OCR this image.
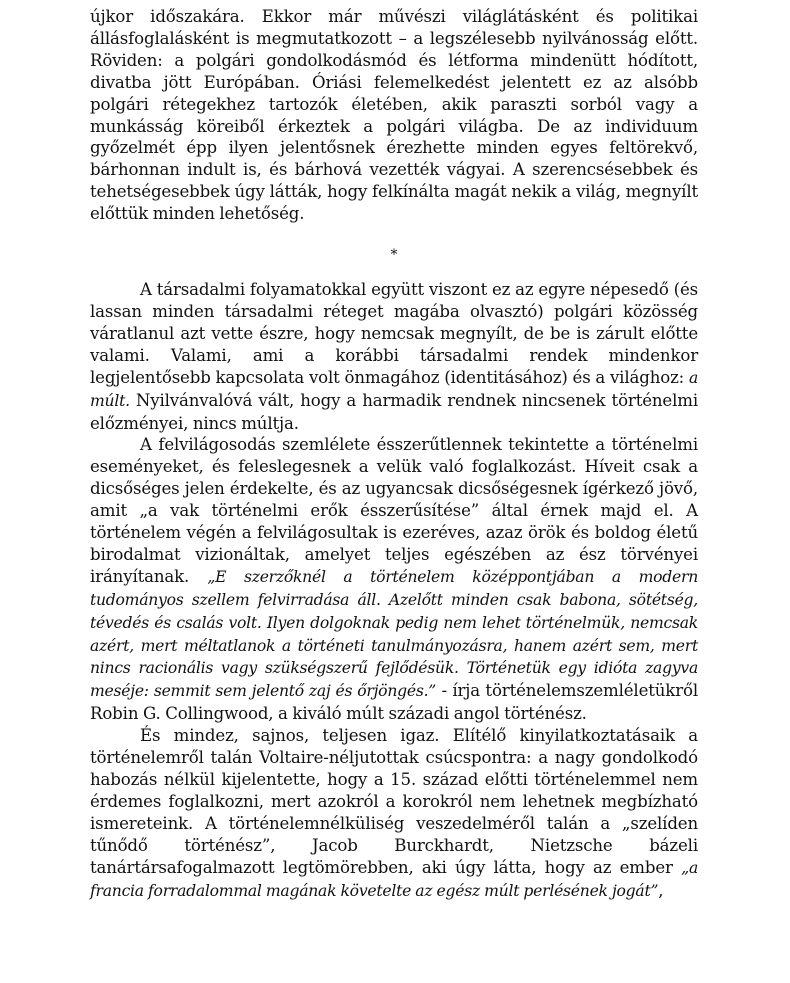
újkor időszakára. Ekkor már művészi világlátásként és politikai állásfoglalásként is megmutatkozott – a legszélesebb nyilvánosság előtt. Röviden: a polgári gondolkodásmód és létforma mindenütt hódított, divatba jött Európában. Óriási felemelkedést jelentett ez az alsóbb polgári rétegekhez tartozók életében, akik paraszti sorból vagy a munkásság köreiből érkeztek a polgári világba. De az individuum győzelmét épp ilyen jelentősnek érezhette minden egyes feltörekvő, bárhonnan indult is, és bárhová vezették vágyai. A szerencsésebbek és tehetségesebbek úgy látták, hogy felkínálta magát nekik a világ, megnyílt előttük minden lehetőség.

*

A társadalmi folyamatokkal együtt viszont ez az egyre népesedő (és lassan minden társadalmi réteget magába olvasztó) polgári közösség váratlanul azt vette észre, hogy nemcsak megnyílt, de be is zárult előtte valami. Valami, ami a korábbi társadalmi rendek mindenkor legjelentősebb kapcsolata volt önmagához (identitásához) és a világhoz: a múlt. Nyilvánvalóvá vált, hogy a harmadik rendnek nincsenek történelmi előzményei, nincs múltja.

A felvilágosodás szemlélete ésszerűtlennek tekintette a történelmi eseményeket, és feleslegesnek a velük való foglalkozást. Híveit csak a dicsőséges jelen érdekelte, és az ugyancsak dicsőségesnek ígérkező jövő, amit „a vak történelmi erők ésszerűsítése” által érnek majd el. A történelem végén a felvilágosultak is ezeréves, azaz örök és boldog életű birodalmat vizionáltak, amelyet teljes egészében az ész törvényei irányítanak. „E szerzőknél a történelem középpontjában a modern tudományos szellem felvirradása áll. Azelőtt minden csak babona, sötétség, tévedés és csalás volt. Ilyen dolgoknak pedig nem lehet történelmük, nemcsak azért, mert méltatlanok a történeti tanulmányozásra, hanem azért sem, mert nincs racionális vagy szükségszerű fejlődésük. Történetük egy idióta zagyva meséje: semmit sem jelentő zaj és őrjöngés.” - írja történelemszemléletükről Robin G. Collingwood, a kiváló múlt századi angol történész.

És mindez, sajnos, teljesen igaz. Elítélő kinyilatkoztatásaik a történelemről talán Voltaire-néljutottak csúcspontra: a nagy gondolkodó habozás nélkül kijelentette, hogy a 15. század előtti történelemmel nem érdemes foglalkozni, mert azokról a korokról nem lehetnek megbízható ismereteink. A történelemnélküliség veszedelméről talán a „szelíden tűnődő történész”, Jacob Burckhardt, Nietzsche bázeli tanártársafogalmazott legtömörebben, aki úgy látta, hogy az ember „a francia forradalommal magának követelte az egész múlt perlésének jogát”,
